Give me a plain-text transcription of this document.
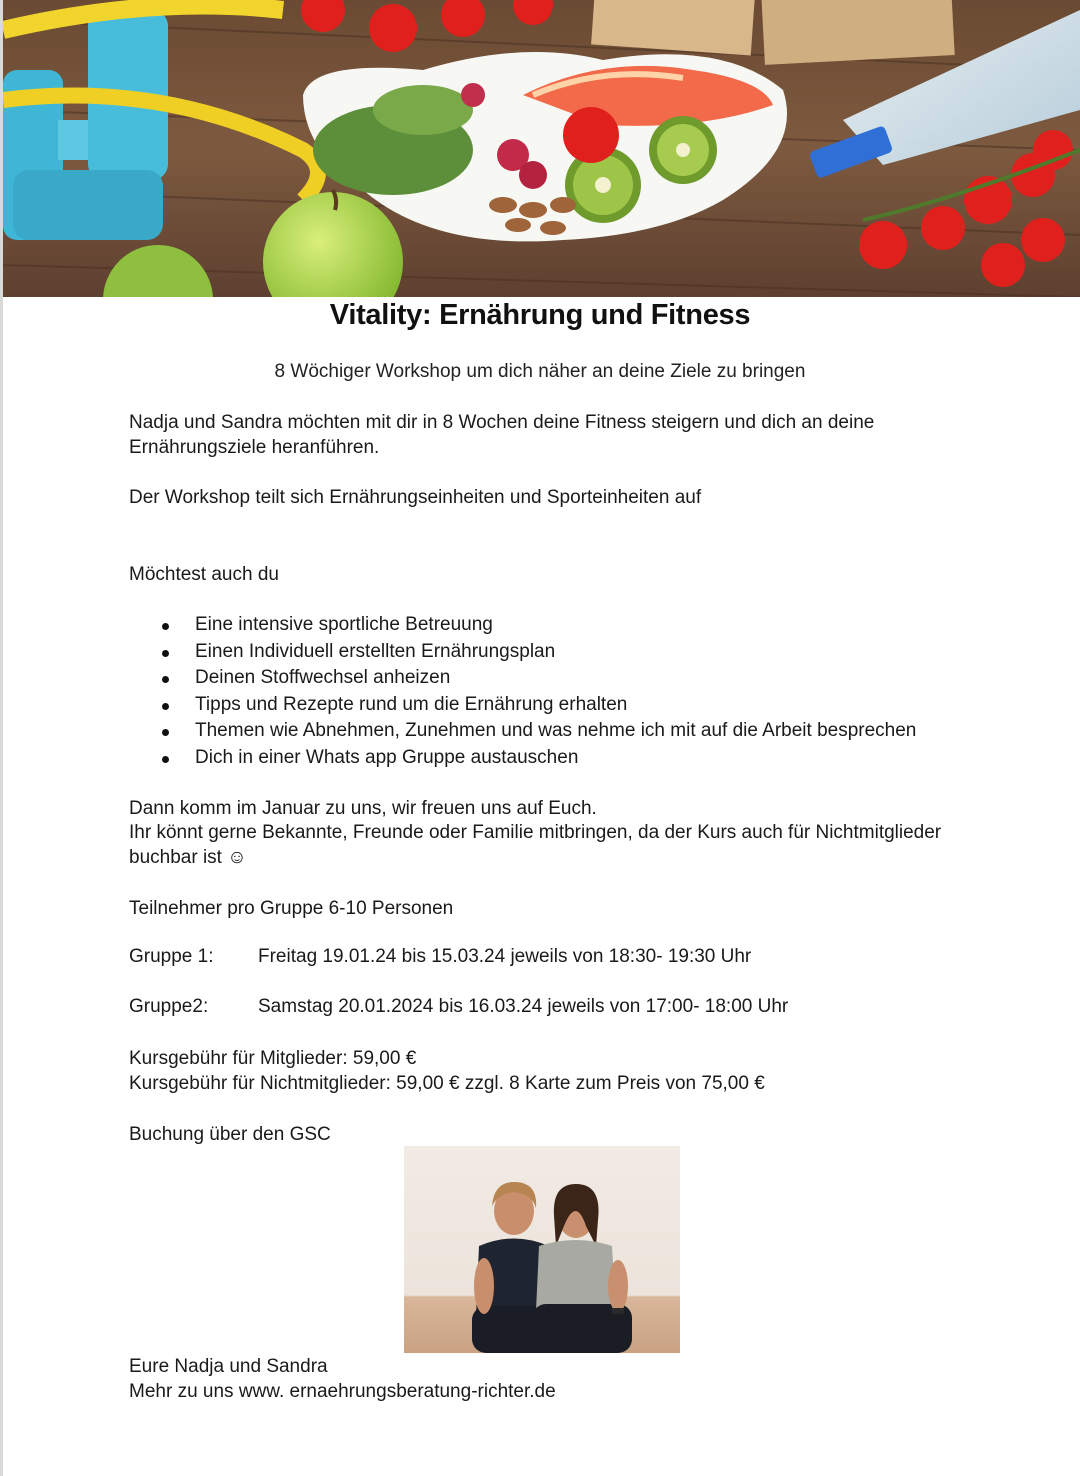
Vitality: Ernährung und Fitness
8 Wöchiger Workshop um dich näher an deine Ziele zu bringen
Nadja und Sandra möchten mit dir in 8 Wochen deine Fitness steigern und dich an deine
Ernährungsziele heranführen.
Der Workshop teilt sich Ernährungseinheiten und Sporteinheiten auf
Möchtest auch du
Eine intensive sportliche Betreuung
Einen Individuell erstellten Ernährungsplan
Deinen Stoffwechsel anheizen
Tipps und Rezepte rund um die Ernährung erhalten
Themen wie Abnehmen, Zunehmen und was nehme ich mit auf die Arbeit besprechen
Dich in einer Whats app Gruppe austauschen
Dann komm im Januar zu uns, wir freuen uns auf Euch.
Ihr könnt gerne Bekannte, Freunde oder Familie mitbringen, da der Kurs auch für Nichtmitglieder
buchbar ist ☺
Teilnehmer pro Gruppe 6-10 Personen
Gruppe 1: Freitag 19.01.24 bis 15.03.24 jeweils von 18:30- 19:30 Uhr
Gruppe2:	Samstag 20.01.2024 bis 16.03.24 jeweils von 17:00- 18:00 Uhr
Kursgebühr für Mitglieder: 59,00 €
Kursgebühr für Nichtmitglieder: 59,00 € zzgl. 8 Karte zum Preis von 75,00 €
Buchung über den GSC
Eure Nadja und Sandra
Mehr zu uns www. ernaehrungsberatung-richter.de
